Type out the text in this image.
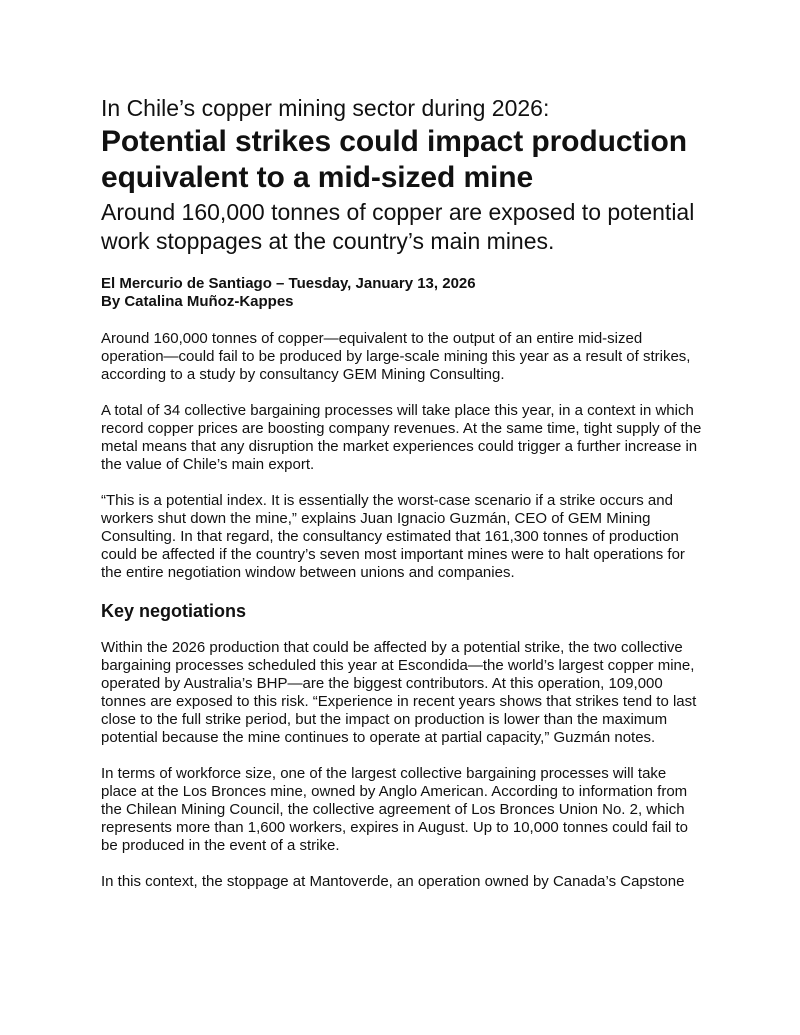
In Chile’s copper mining sector during 2026:
Potential strikes could impact production equivalent to a mid-sized mine

Around 160,000 tonnes of copper are exposed to potential work stoppages at the country’s main mines.

El Mercurio de Santiago – Tuesday, January 13, 2026
By Catalina Muñoz-Kappes

Around 160,000 tonnes of copper—equivalent to the output of an entire mid-sized operation—could fail to be produced by large-scale mining this year as a result of strikes, according to a study by consultancy GEM Mining Consulting.

A total of 34 collective bargaining processes will take place this year, in a context in which record copper prices are boosting company revenues. At the same time, tight supply of the metal means that any disruption the market experiences could trigger a further increase in the value of Chile’s main export.

“This is a potential index. It is essentially the worst-case scenario if a strike occurs and workers shut down the mine,” explains Juan Ignacio Guzmán, CEO of GEM Mining Consulting. In that regard, the consultancy estimated that 161,300 tonnes of production could be affected if the country’s seven most important mines were to halt operations for the entire negotiation window between unions and companies.

Key negotiations

Within the 2026 production that could be affected by a potential strike, the two collective bargaining processes scheduled this year at Escondida—the world’s largest copper mine, operated by Australia’s BHP—are the biggest contributors. At this operation, 109,000 tonnes are exposed to this risk. “Experience in recent years shows that strikes tend to last close to the full strike period, but the impact on production is lower than the maximum potential because the mine continues to operate at partial capacity,” Guzmán notes.

In terms of workforce size, one of the largest collective bargaining processes will take place at the Los Bronces mine, owned by Anglo American. According to information from the Chilean Mining Council, the collective agreement of Los Bronces Union No. 2, which represents more than 1,600 workers, expires in August. Up to 10,000 tonnes could fail to be produced in the event of a strike.

In this context, the stoppage at Mantoverde, an operation owned by Canada’s Capstone
